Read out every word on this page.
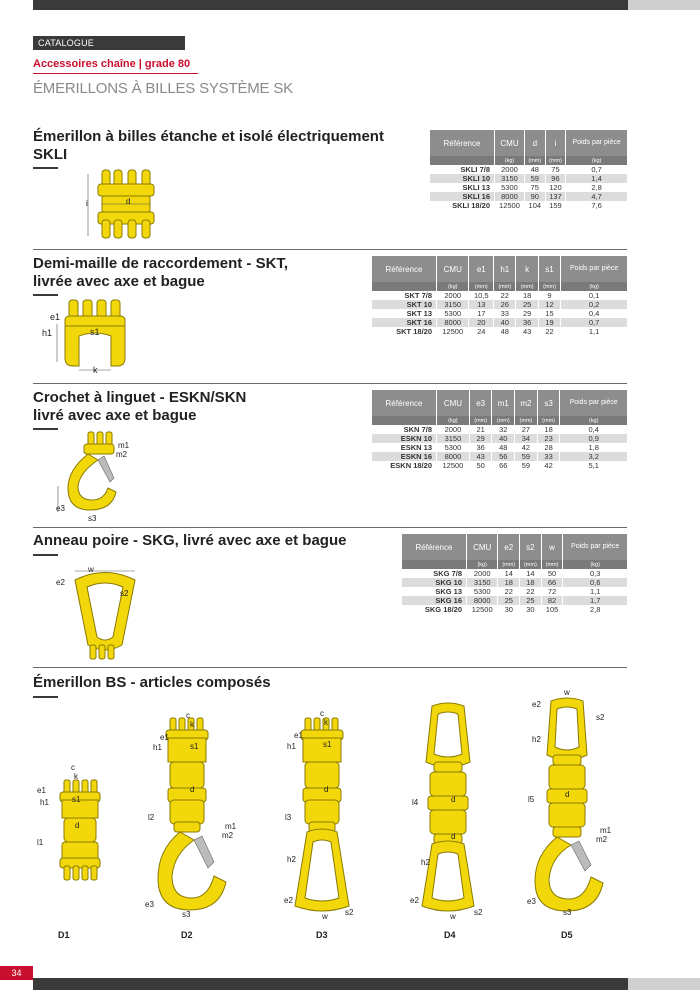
CATALOGUE
Accessoires chaîne | grade 80
ÉMERILLONS À BILLES SYSTÈME SK
Émerillon à billes étanche et isolé électriquement
SKLI
i	d
Référence	CMU	d	i	Poids par pièce
	(kg)	(mm)	(mm)	(kg)
SKLI 7/8	2000	48	75	0,7
SKLI 10	3150	59	96	1,4
SKLI 13	5300	75	120	2,8
SKLI 16	8000	90	137	4,7
SKLI 18/20	12500	104	159	7,6
Demi-maille de raccordement - SKT,
livrée avec axe et bague
e1
h1	s1
k
Référence	CMU	e1	h1	k	s1	Poids par pièce
	(kg)	(mm)	(mm)	(mm)	(mm)	(kg)
SKT 7/8	2000	10,5	22	18	9	0,1
SKT 10	3150	13	26	25	12	0,2
SKT 13	5300	17	33	29	15	0,4
SKT 16	8000	20	40	36	19	0,7
SKT 18/20	12500	24	48	43	22	1,1
Crochet à linguet - ESKN/SKN
livré avec axe et bague
m1
m2
e3
s3
Référence	CMU	e3	m1	m2	s3	Poids par pièce
	(kg)	(mm)	(mm)	(mm)	(mm)	(kg)
SKN 7/8	2000	21	32	27	18	0,4
ESKN 10	3150	29	40	34	23	0,9
ESKN 13	5300	36	48	42	28	1,8
ESKN 16	8000	43	56	59	33	3,2
ESKN 18/20	12500	50	66	59	42	5,1
Anneau poire - SKG, livré avec axe et bague
w
e2
s2
Référence	CMU	e2	s2	w	Poids par pièce
	(kg)	(mm)	(mm)	(mm)	(kg)
SKG 7/8	2000	14	14	50	0,3
SKG 10	3150	18	18	66	0,6
SKG 13	5300	22	22	72	1,1
SKG 16	8000	25	25	82	1,7
SKG 18/20	12500	30	30	105	2,8
Émerillon BS - articles composés
c
k
e1
s1
h1
d
l1
c
k
e1
s1
h1
d
l2
m1
m2
e3
s3
c
k
e1
s1
h1
d
l3
h2
e2
w s2
l4	d
d
h2
e2
w s2
w
e2
s2
h2
d
l5
m1
m2
e3
s3
D1	D2	D3	D4	D5
34
